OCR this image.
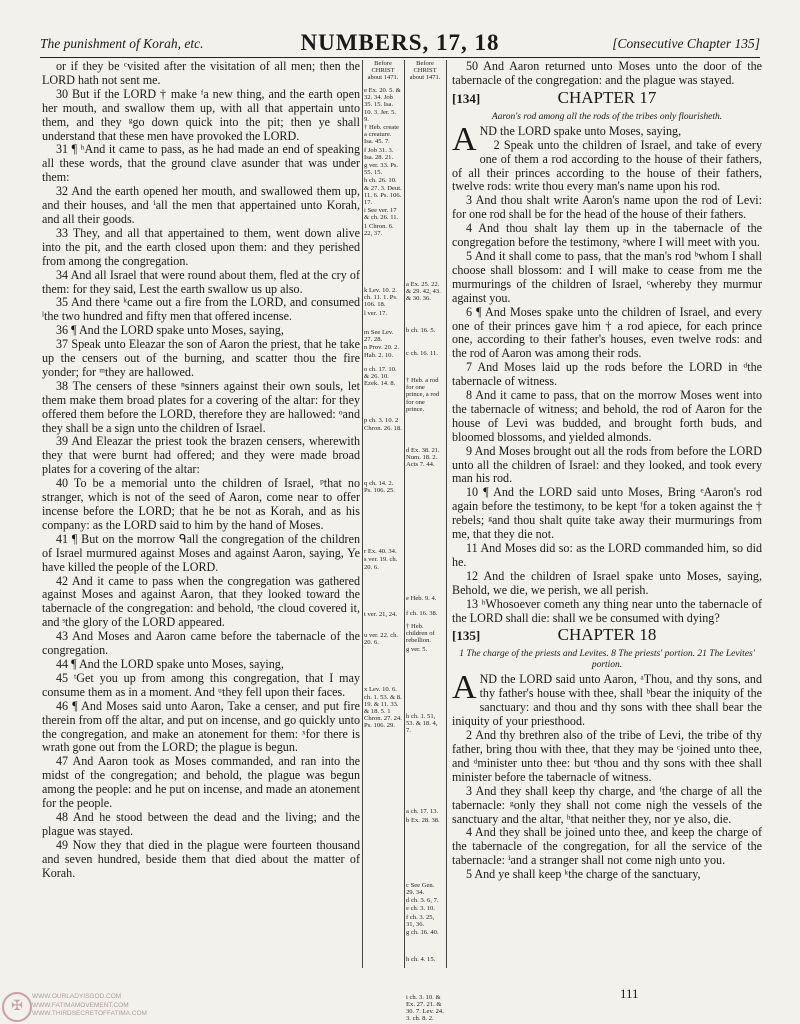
The punishment of Korah, etc.	NUMBERS, 17, 18	[Consecutive Chapter 135]

or if they be ᶜvisited after the visitation of all men; then the LORD hath not sent me.

30 But if the LORD † make ᶠa new thing, and the earth open her mouth, and swallow them up, with all that appertain unto them, and they ᵍgo down quick into the pit; then ye shall understand that these men have provoked the LORD.

31 ¶ ʰAnd it came to pass, as he had made an end of speaking all these words, that the ground clave asunder that was under them:

32 And the earth opened her mouth, and swallowed them up, and their houses, and ⁱall the men that appertained unto Korah, and all their goods.

33 They, and all that appertained to them, went down alive into the pit, and the earth closed upon them: and they perished from among the congregation.

34 And all Israel that were round about them, fled at the cry of them: for they said, Lest the earth swallow us up also.

35 And there ᵏcame out a fire from the LORD, and consumed ˡthe two hundred and fifty men that offered incense.

36 ¶ And the LORD spake unto Moses, saying,

37 Speak unto Eleazar the son of Aaron the priest, that he take up the censers out of the burning, and scatter thou the fire yonder; for ᵐthey are hallowed.

38 The censers of these ⁿsinners against their own souls, let them make them broad plates for a covering of the altar: for they offered them before the LORD, therefore they are hallowed: ᵒand they shall be a sign unto the children of Israel.

39 And Eleazar the priest took the brazen censers, wherewith they that were burnt had offered; and they were made broad plates for a covering of the altar:

40 To be a memorial unto the children of Israel, ᵖthat no stranger, which is not of the seed of Aaron, come near to offer incense before the LORD; that he be not as Korah, and as his company: as the LORD said to him by the hand of Moses.

41 ¶ But on the morrow ᑫall the congregation of the children of Israel murmured against Moses and against Aaron, saying, Ye have killed the people of the LORD.

42 And it came to pass when the congregation was gathered against Moses and against Aaron, that they looked toward the tabernacle of the congregation: and behold, ʳthe cloud covered it, and ˢthe glory of the LORD appeared.

43 And Moses and Aaron came before the tabernacle of the congregation.

44 ¶ And the LORD spake unto Moses, saying,

45 ᵗGet you up from among this congregation, that I may consume them as in a moment. And ᵘthey fell upon their faces.

46 ¶ And Moses said unto Aaron, Take a censer, and put fire therein from off the altar, and put on incense, and go quickly unto the congregation, and make an atonement for them: ˣfor there is wrath gone out from the LORD; the plague is begun.

47 And Aaron took as Moses commanded, and ran into the midst of the congregation; and behold, the plague was begun among the people: and he put on incense, and made an atonement for the people.

48 And he stood between the dead and the living; and the plague was stayed.

49 Now they that died in the plague were fourteen thousand and seven hundred, beside them that died about the matter of Korah.

Before CHRIST about 1471.
e Ex. 20. 5. & 32. 34. Job 35. 15. Isa. 10. 3. Jer. 5. 9.
† Heb. create a creature. Isa. 45. 7.
f Job 31. 3. Isa. 28. 21.
g ver. 33. Ps. 55. 15.
h ch. 26. 10. & 27. 3. Deut. 11. 6. Ps. 106. 17.
i See ver. 17 & ch. 26. 11.
1 Chron. 6. 22, 37.
k Lev. 10. 2. ch. 11. 1. Ps. 106. 18.
l ver. 17.
m See Lev. 27. 28.
n Prov. 20. 2.
Hab. 2. 10.
o ch. 17. 10. & 26. 10. Ezek. 14. 8.
p ch. 3. 10. 2 Chron. 26. 18.
q ch. 14. 2. Ps. 106. 25.
r Ex. 40. 34.
s ver. 19. ch. 20. 6.
t ver. 21, 24.
u ver. 22. ch. 20. 6.
x Lev. 10. 6. ch. 1. 53. & 8. 19. & 11. 33. & 18. 5. 1 Chron. 27. 24. Ps. 106. 29.
Before CHRIST about 1471.
a Ex. 25. 22. & 29. 42, 43. & 30. 36.
b ch. 16. 5.
c ch. 16. 11.
† Heb. a rod for one prince, a rod for one prince.
d Ex. 38. 21. Num. 18. 2. Acts 7. 44.
e Heb. 9. 4.
f ch. 16. 38.
† Heb. children of rebellion.
g ver. 5.
h ch. 1. 51, 53. & 18. 4, 7.
a ch. 17. 13.
b Ex. 28. 38.
c See Gen. 29. 34.
d ch. 3. 6, 7.
e ch. 3. 10.
f ch. 3. 25, 31, 36.
g ch. 16. 40.
h ch. 4. 15.
i ch. 3. 10. & Ex. 27. 21. & 30. 7. Lev. 24. 3. ch. 8. 2.

50 And Aaron returned unto Moses unto the door of the tabernacle of the congregation: and the plague was stayed.

[134]	CHAPTER 17
Aaron's rod among all the rods of the tribes only flourisheth.

AND the LORD spake unto Moses, saying,

2 Speak unto the children of Israel, and take of every one of them a rod according to the house of their fathers, of all their princes according to the house of their fathers, twelve rods: write thou every man's name upon his rod.

3 And thou shalt write Aaron's name upon the rod of Levi: for one rod shall be for the head of the house of their fathers.

4 And thou shalt lay them up in the tabernacle of the congregation before the testimony, ᵃwhere I will meet with you.

5 And it shall come to pass, that the man's rod ᵇwhom I shall choose shall blossom: and I will make to cease from me the murmurings of the children of Israel, ᶜwhereby they murmur against you.

6 ¶ And Moses spake unto the children of Israel, and every one of their princes gave him † a rod apiece, for each prince one, according to their father's houses, even twelve rods: and the rod of Aaron was among their rods.

7 And Moses laid up the rods before the LORD in ᵈthe tabernacle of witness.

8 And it came to pass, that on the morrow Moses went into the tabernacle of witness; and behold, the rod of Aaron for the house of Levi was budded, and brought forth buds, and bloomed blossoms, and yielded almonds.

9 And Moses brought out all the rods from before the LORD unto all the children of Israel: and they looked, and took every man his rod.

10 ¶ And the LORD said unto Moses, Bring ᵉAaron's rod again before the testimony, to be kept ᶠfor a token against the † rebels; ᵍand thou shalt quite take away their murmurings from me, that they die not.

11 And Moses did so: as the LORD commanded him, so did he.

12 And the children of Israel spake unto Moses, saying, Behold, we die, we perish, we all perish.

13 ʰWhosoever cometh any thing near unto the tabernacle of the LORD shall die: shall we be consumed with dying?

[135]	CHAPTER 18
1 The charge of the priests and Levites. 8 The priests' portion. 21 The Levites' portion.

AND the LORD said unto Aaron, ᵃThou, and thy sons, and thy father's house with thee, shall ᵇbear the iniquity of the sanctuary: and thou and thy sons with thee shall bear the iniquity of your priesthood.

2 And thy brethren also of the tribe of Levi, the tribe of thy father, bring thou with thee, that they may be ᶜjoined unto thee, and ᵈminister unto thee: but ᵉthou and thy sons with thee shall minister before the tabernacle of witness.

3 And they shall keep thy charge, and ᶠthe charge of all the tabernacle: ᵍonly they shall not come nigh the vessels of the sanctuary and the altar, ʰthat neither they, nor ye also, die.

4 And they shall be joined unto thee, and keep the charge of the tabernacle of the congregation, for all the service of the tabernacle: ⁱand a stranger shall not come nigh unto you.

5 And ye shall keep ᵏthe charge of the sanctuary,

111
✠
WWW.OURLADYISGOD.COM
WWW.FATIMAMOVEMENT.COM
WWW.THIRDSECRETOFFATIMA.COM
